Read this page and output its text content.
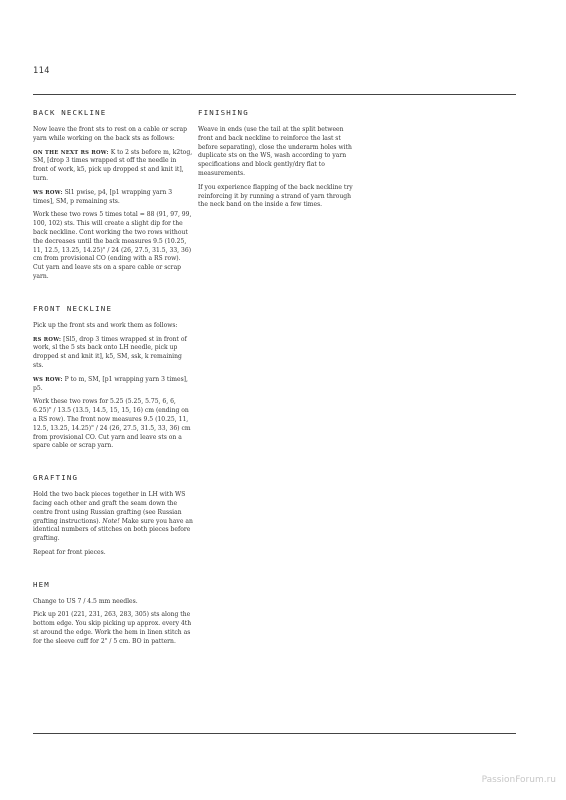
114
BACK NECKLINE

Now leave the front sts to rest on a cable or scrap yarn while working on the back sts as follows:

ON THE NEXT RS ROW: K to 2 sts before m, k2tog, SM, [drop 3 times wrapped st off the needle in front of work, k5, pick up dropped st and knit it], turn.

WS ROW: Sl1 pwise, p4, [p1 wrapping yarn 3 times], SM, p remaining sts.

Work these two rows 5 times total = 88 (91, 97, 99, 100, 102) sts. This will create a slight dip for the back neckline. Cont working the two rows without the decreases until the back measures 9.5 (10.25, 11, 12.5, 13.25, 14.25)" / 24 (26, 27.5, 31.5, 33, 36) cm from provisional CO (ending with a RS row). Cut yarn and leave sts on a spare cable or scrap yarn.

FRONT NECKLINE

Pick up the front sts and work them as follows:

RS ROW: [Sl5, drop 3 times wrapped st in front of work, sl the 5 sts back onto LH needle, pick up dropped st and knit it], k5, SM, ssk, k remaining sts.

WS ROW: P to m, SM, [p1 wrapping yarn 3 times], p5.

Work these two rows for 5.25 (5.25, 5.75, 6, 6, 6.25)" / 13.5 (13.5, 14.5, 15, 15, 16) cm (ending on a RS row). The front now measures 9.5 (10.25, 11, 12.5, 13.25, 14.25)" / 24 (26, 27.5, 31.5, 33, 36) cm from provisional CO. Cut yarn and leave sts on a spare cable or scrap yarn.

GRAFTING

Hold the two back pieces together in LH with WS facing each other and graft the seam down the centre front using Russian grafting (see Russian grafting instructions). Note! Make sure you have an identical numbers of stitches on both pieces before grafting.

Repeat for front pieces.

HEM

Change to US 7 / 4.5 mm needles.

Pick up 201 (221, 231, 263, 283, 305) sts along the bottom edge. You skip picking up approx. every 4th st around the edge. Work the hem in linen stitch as for the sleeve cuff for 2" / 5 cm. BO in pattern.

FINISHING

Weave in ends (use the tail at the split between front and back neckline to reinforce the last st before separating), close the underarm holes with duplicate sts on the WS, wash according to yarn specifications and block gently/dry flat to measurements.

If you experience flapping of the back neckline try reinforcing it by running a strand of yarn through the neck band on the inside a few times.

PassionForum.ru
